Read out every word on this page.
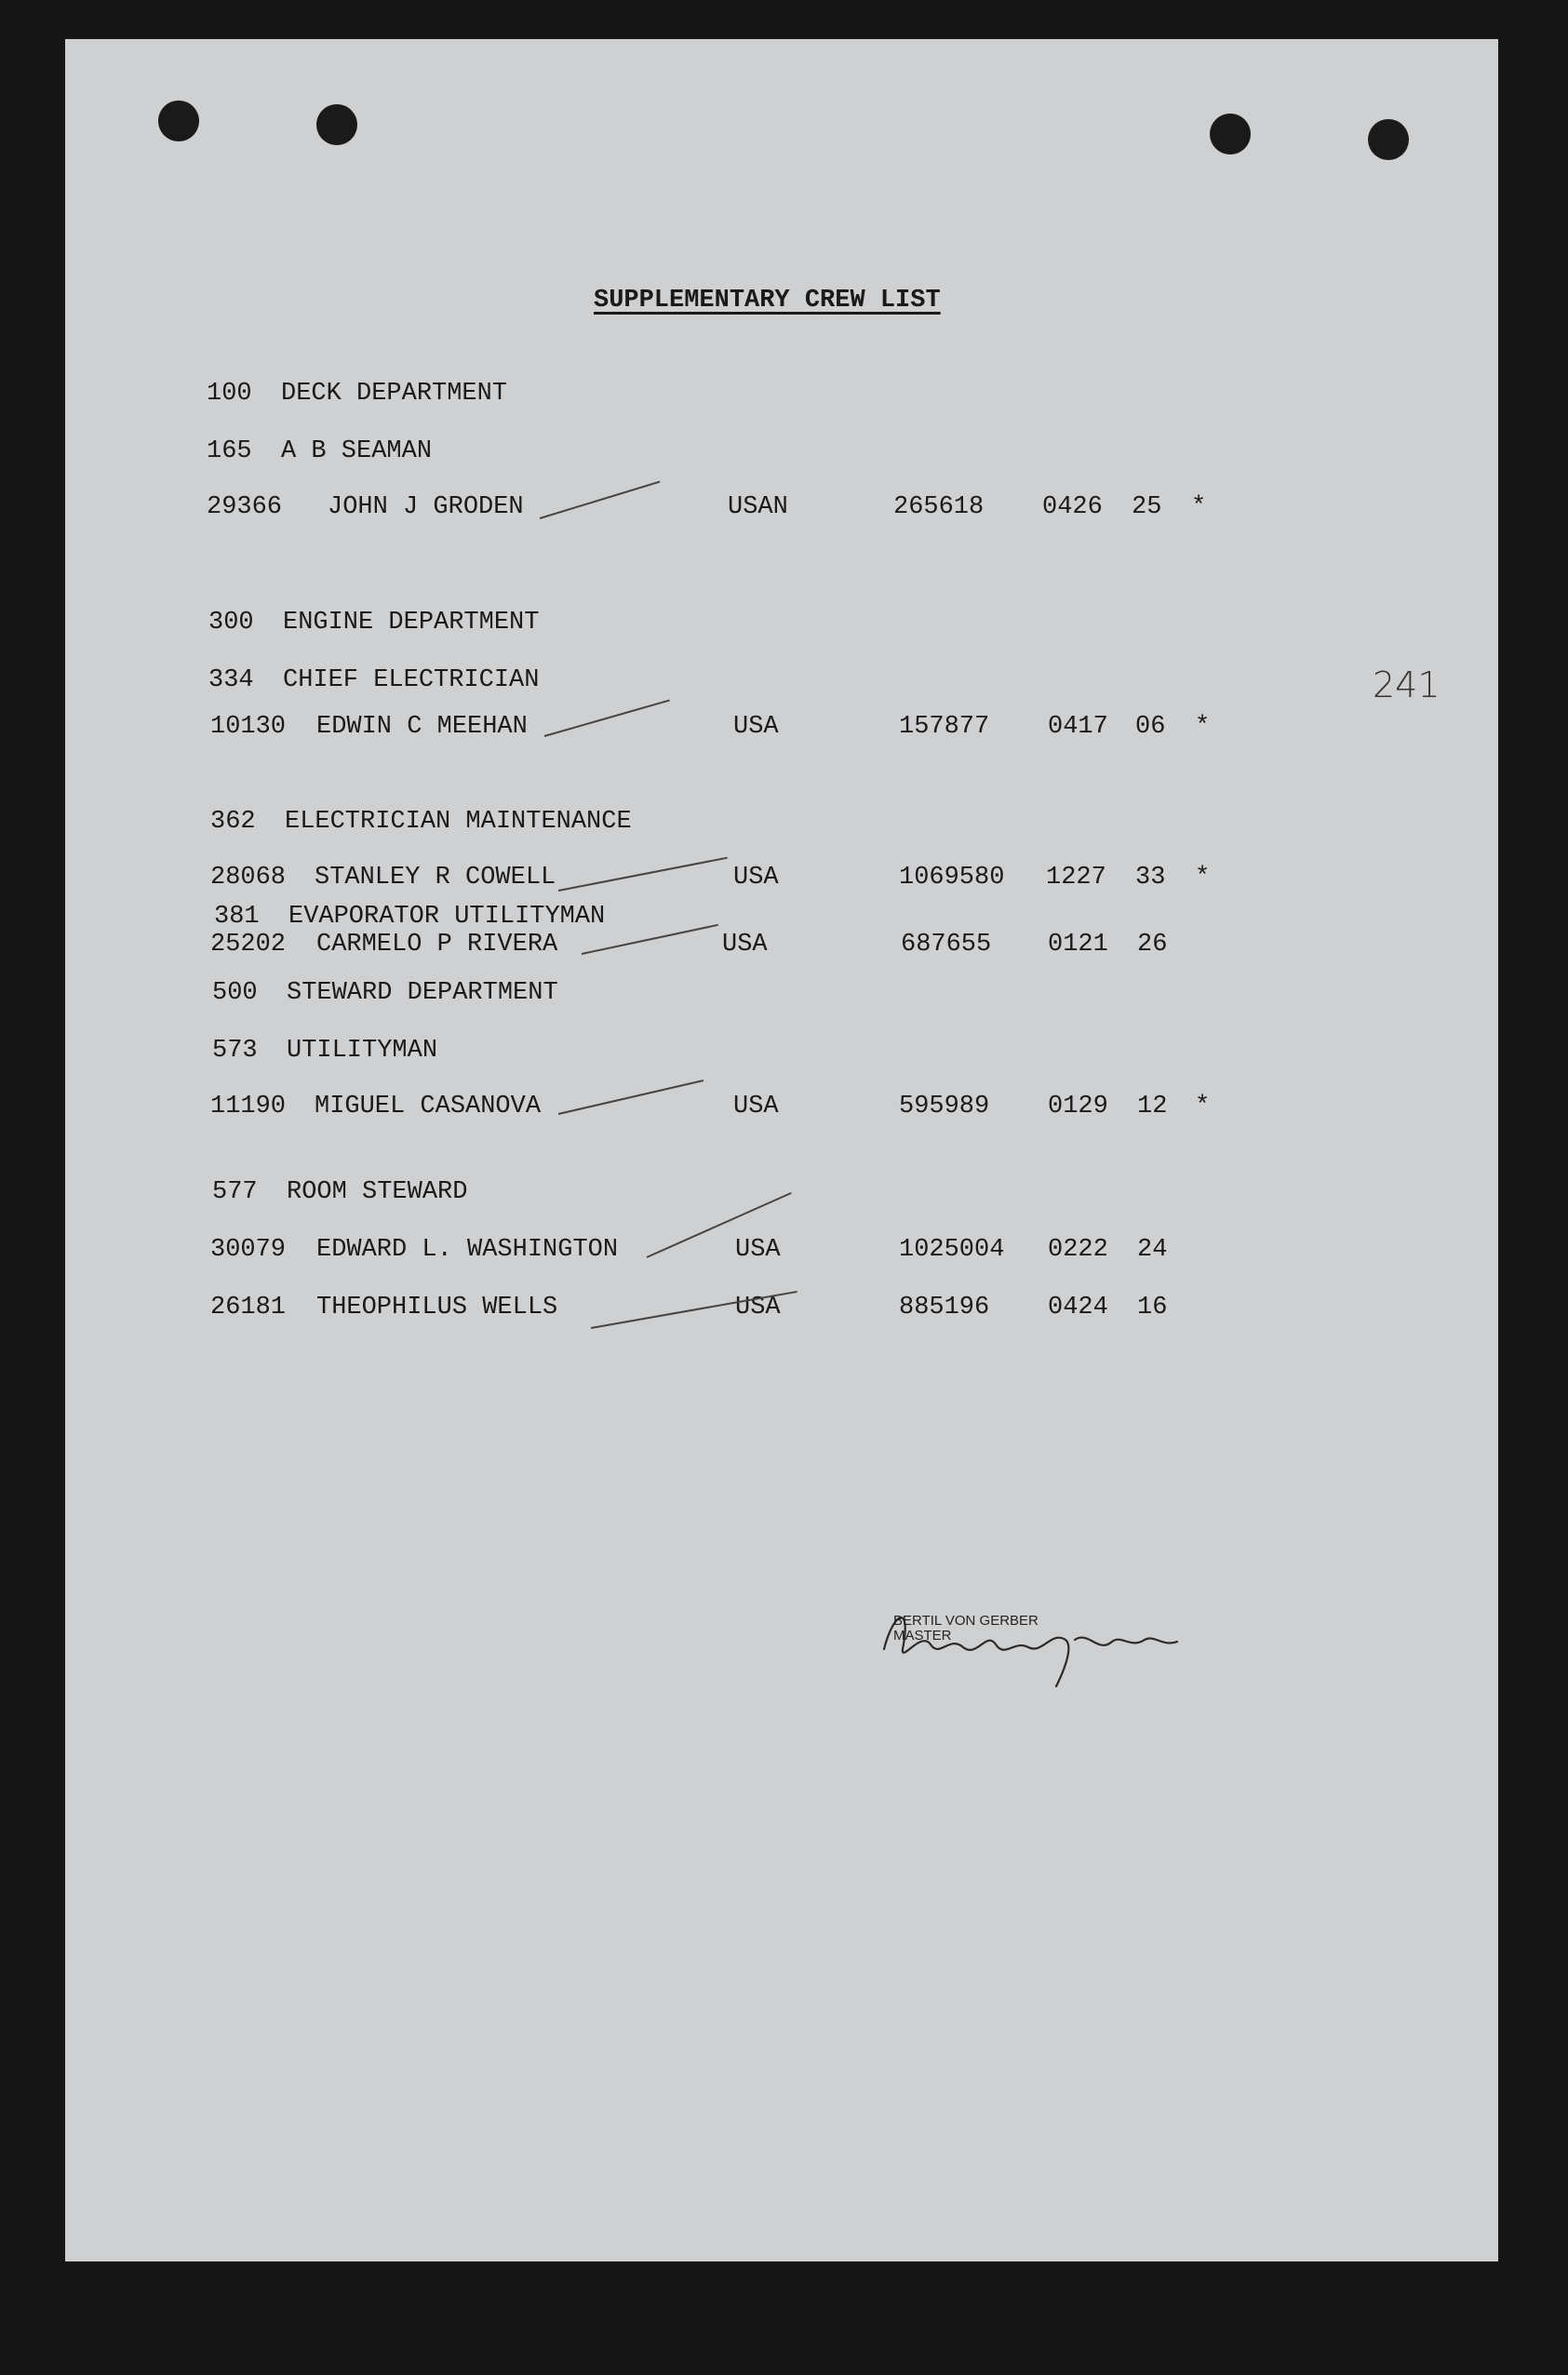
SUPPLEMENTARY CREW LIST
241
100 DECK DEPARTMENT
165 A B SEAMAN
29366 JOHN J GRODEN	USAN	265618 0426 25 *
300 ENGINE DEPARTMENT
334 CHIEF ELECTRICIAN
10130 EDWIN C MEEHAN	USA	157877 0417 06 *
362 ELECTRICIAN MAINTENANCE
28068 STANLEY R COWELL	USA	1069580 1227 33 *
381 EVAPORATOR UTILITYMAN
25202 CARMELO P RIVERA	USA	687655 0121 26
500 STEWARD DEPARTMENT
573 UTILITYMAN
11190 MIGUEL CASANOVA	USA	595989 0129 12 *
577 ROOM STEWARD
30079 EDWARD L. WASHINGTON	USA	1025004 0222 24
26181 THEOPHILUS WELLS	USA	885196 0424 16
BERTIL VON GERBER
MASTER
